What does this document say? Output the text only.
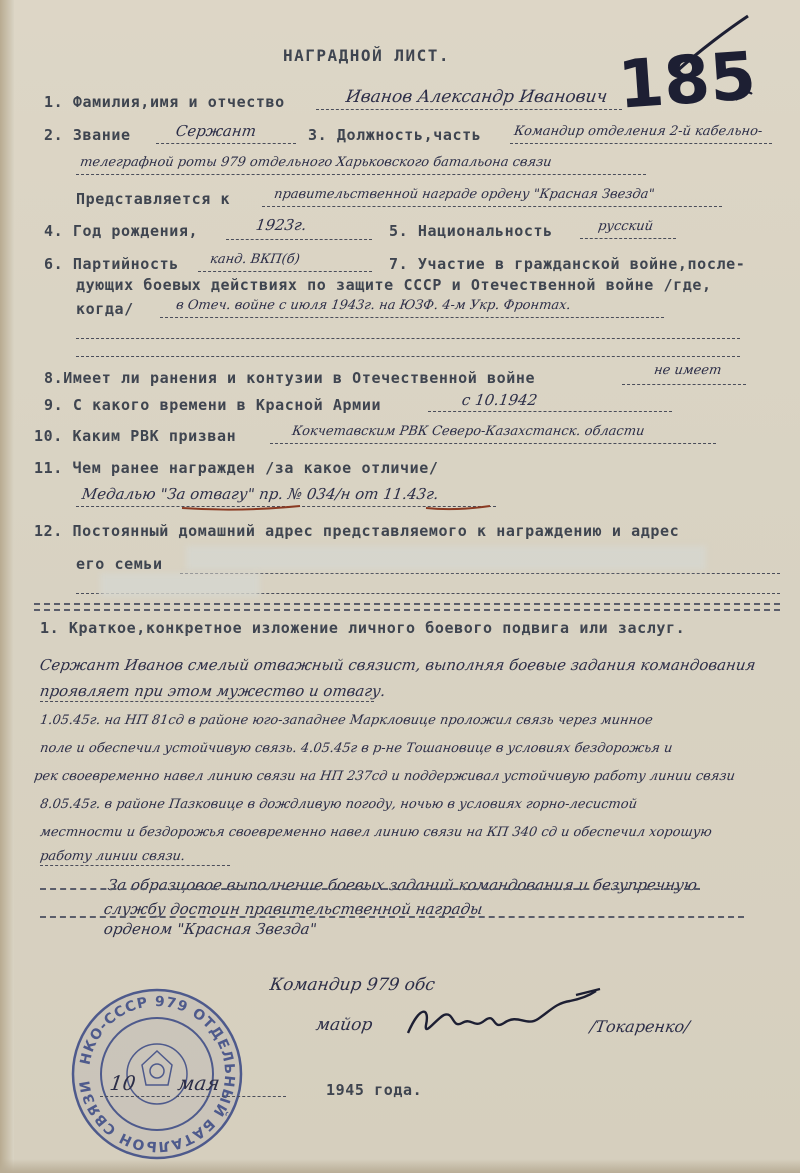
НАГРАДНОЙ ЛИСТ.	185
1. Фамилия,имя и отчество	Иванов Александр Иванович
2. Звание	Сержант	3. Должность,часть Командир отделения 2-й кабельно-
телеграфной роты 979 отдельного Харьковского батальона связи
Представляется к	правительственной награде ордену "Красная Звезда"
4. Год рождения,	1923г.	5. Национальность	русский
6. Партийность канд. ВКП(б)	7. Участие в гражданской войне,после-
дующих боевых действиях по защите СССР и Отечественной войне /где,
когда/	в Отеч. войне с июля 1943г. на ЮЗФ. 4-м Укр. Фронтах.
8.Имеет ли ранения и контузии в Отечественной войне	не имеет
9. С какого времени в Красной Армии	с 10.1942
10. Каким РВК призван	Кокчетавским РВК Северо-Казахстанск. области
11. Чем ранее награжден /за какое отличие/
Медалью "За отвагу" пр. № 034/н от 11.43г.
12. Постоянный домашний адрес представляемого к награждению и адрес
его семьи
1. Краткое,конкретное изложение личного боевого подвига или заслуг.
Сержант Иванов смелый отважный связист, выполняя боевые задания командования
проявляет при этом мужество и отвагу.
1.05.45г. на НП 81сд в районе юго-западнее Маркловице проложил связь через минное
поле и обеспечил устойчивую связь. 4.05.45г в р-не Тошановице в условиях бездорожья и
рек своевременно навел линию связи на НП 237сд и поддерживал устойчивую работу линии связи
8.05.45г. в районе Пазковице в дождливую погоду, ночью в условиях горно-лесистой
местности и бездорожья своевременно навел линию связи на КП 340 сд и обеспечил хорошую
работу линии связи.
За образцовое выполнение боевых заданий командования и безупречную
службу достоин правительственной награды
орденом "Красная Звезда"
Командир 979 обс
майор	/Токаренко/
НКО-СССР 979 ОТДЕЛЬНЫЙ БАТАЛЬОН СВЯЗИ 10 мая	1945 года.
